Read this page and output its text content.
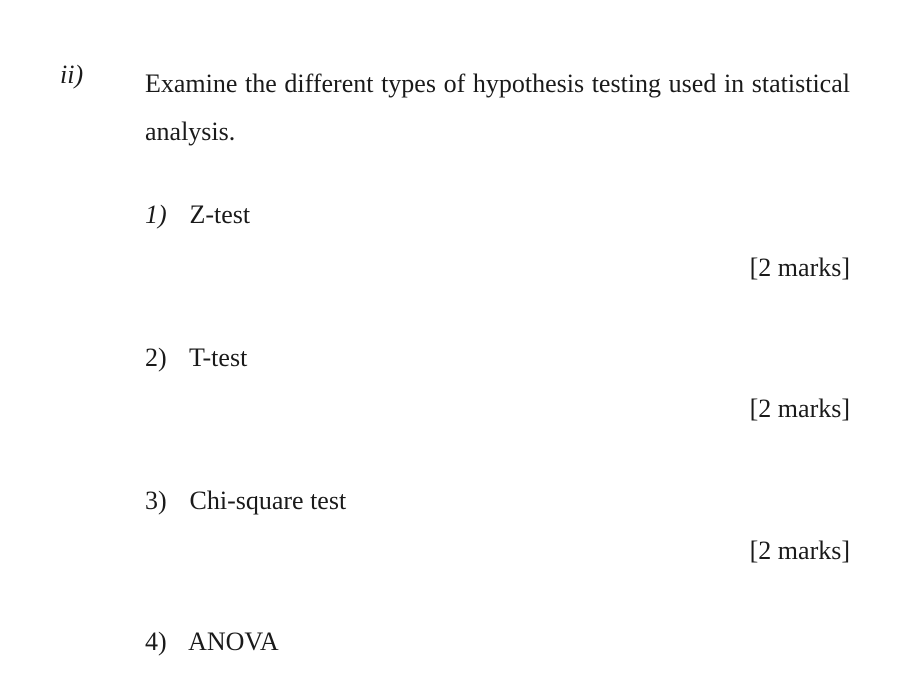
ii) Examine the different types of hypothesis testing used in statistical analysis.
1) Z-test
[2 marks]
2) T-test
[2 marks]
3) Chi-square test
[2 marks]
4) ANOVA
